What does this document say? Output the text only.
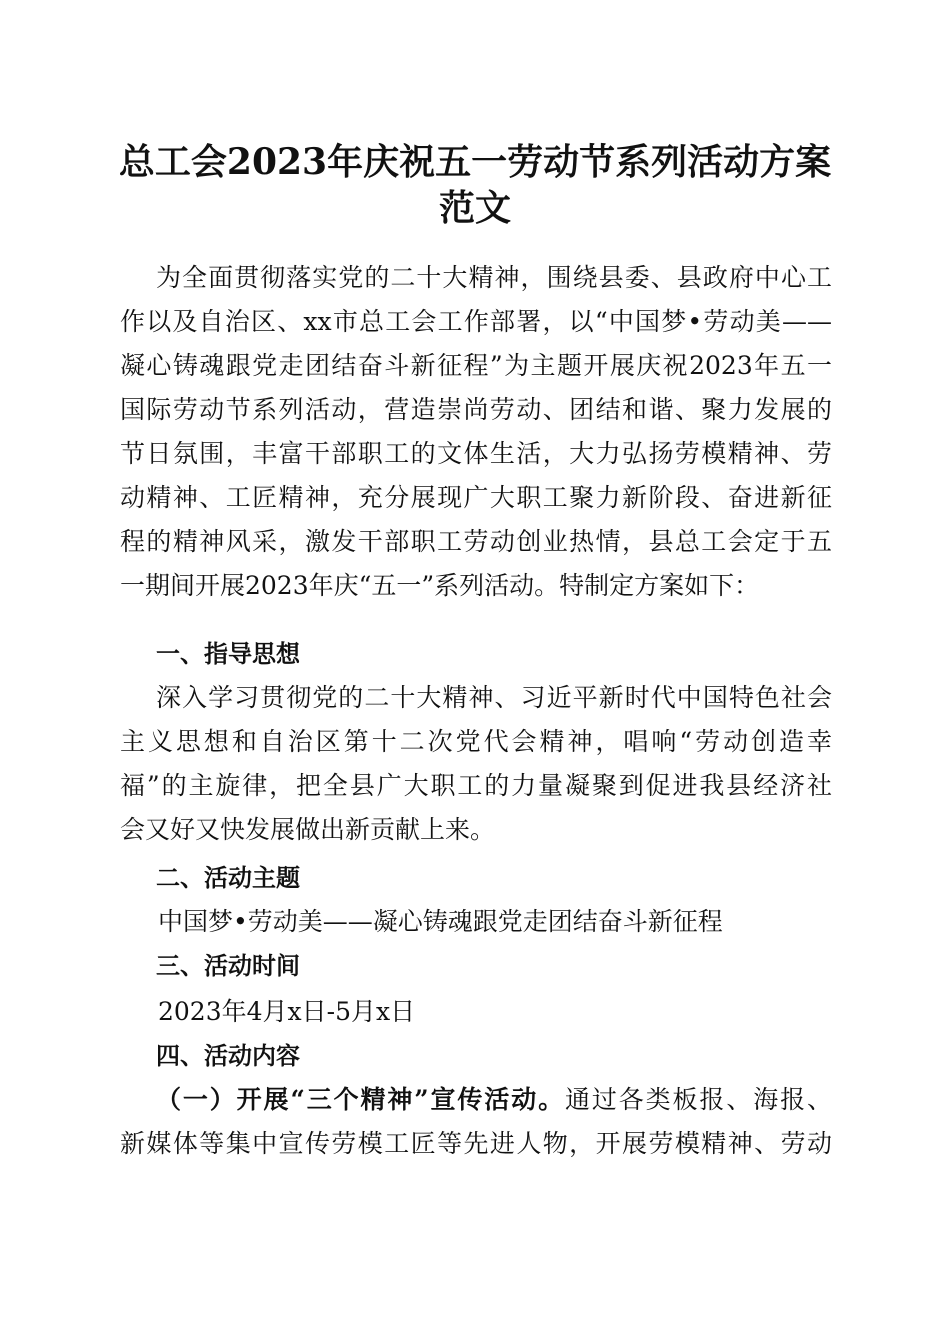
总工会2023年庆祝五一劳动节系列活动方案
范文
为全面贯彻落实党的二十大精神，围绕县委、县政府中心工
作以及自治区、xx市总工会工作部署，以“中国梦•劳动美——
凝心铸魂跟党走团结奋斗新征程”为主题开展庆祝2023年五一
国际劳动节系列活动，营造崇尚劳动、团结和谐、聚力发展的
节日氛围，丰富干部职工的文体生活，大力弘扬劳模精神、劳
动精神、工匠精神，充分展现广大职工聚力新阶段、奋进新征
程的精神风采，激发干部职工劳动创业热情，县总工会定于五
一期间开展2023年庆“五一”系列活动。特制定方案如下：
一、指导思想
深入学习贯彻党的二十大精神、习近平新时代中国特色社会
主义思想和自治区第十二次党代会精神，唱响“劳动创造幸
福”的主旋律，把全县广大职工的力量凝聚到促进我县经济社
会又好又快发展做出新贡献上来。
二、活动主题
中国梦•劳动美——凝心铸魂跟党走团结奋斗新征程
三、活动时间
2023年4月x日-5月x日
四、活动内容
（一）开展“三个精神”宣传活动。通过各类板报、海报、
新媒体等集中宣传劳模工匠等先进人物，开展劳模精神、劳动
